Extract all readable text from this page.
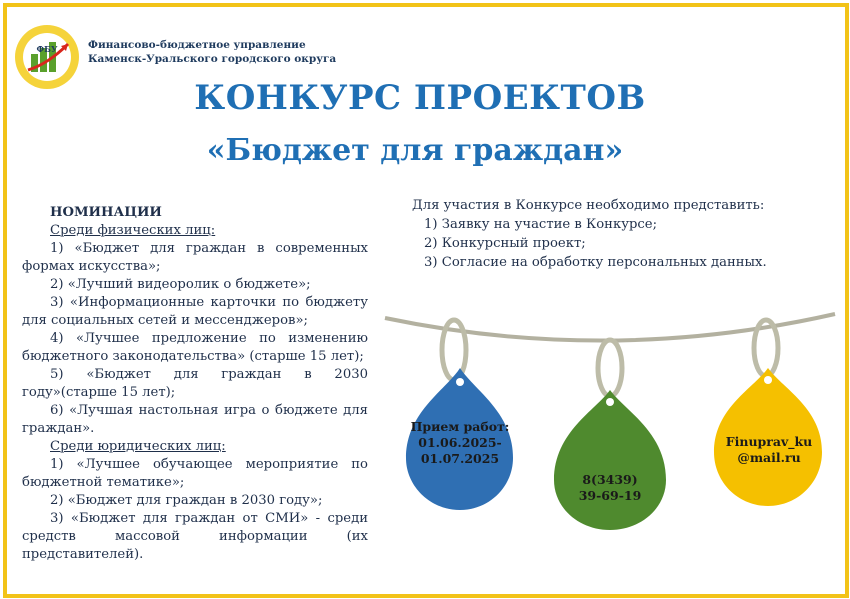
ФБУ	Финансово-бюджетное управление
Каменск-Уральского городского округа
КОНКУРС ПРОЕКТОВ
«Бюджет для граждан»

НОМИНАЦИИ

Среди физических лиц:

1) «Бюджет для граждан в современных формах искусства»;

2) «Лучший видеоролик о бюджете»;

3) «Информационные карточки по бюджету для социальных сетей и мессенджеров»;

4) «Лучшее предложение по изменению бюджетного законодательства» (старше 15 лет);

5) «Бюджет для граждан в 2030 году»(старше 15 лет);

6) «Лучшая настольная игра о бюджете для граждан».

Среди юридических лиц:

1) «Лучшее обучающее мероприятие по бюджетной тематике»;

2) «Бюджет для граждан в 2030 году»;

3) «Бюджет для граждан от СМИ» - среди средств массовой информации (их представителей).

Для участия в Конкурсе необходимо представить:

1) Заявку на участие в Конкурсе;

2) Конкурсный проект;

3) Согласие на обработку персональных данных.

Прием работ:
01.06.2025-01.07.2025
8(3439)
39-69-19
Finuprav_ku
@mail.ru
